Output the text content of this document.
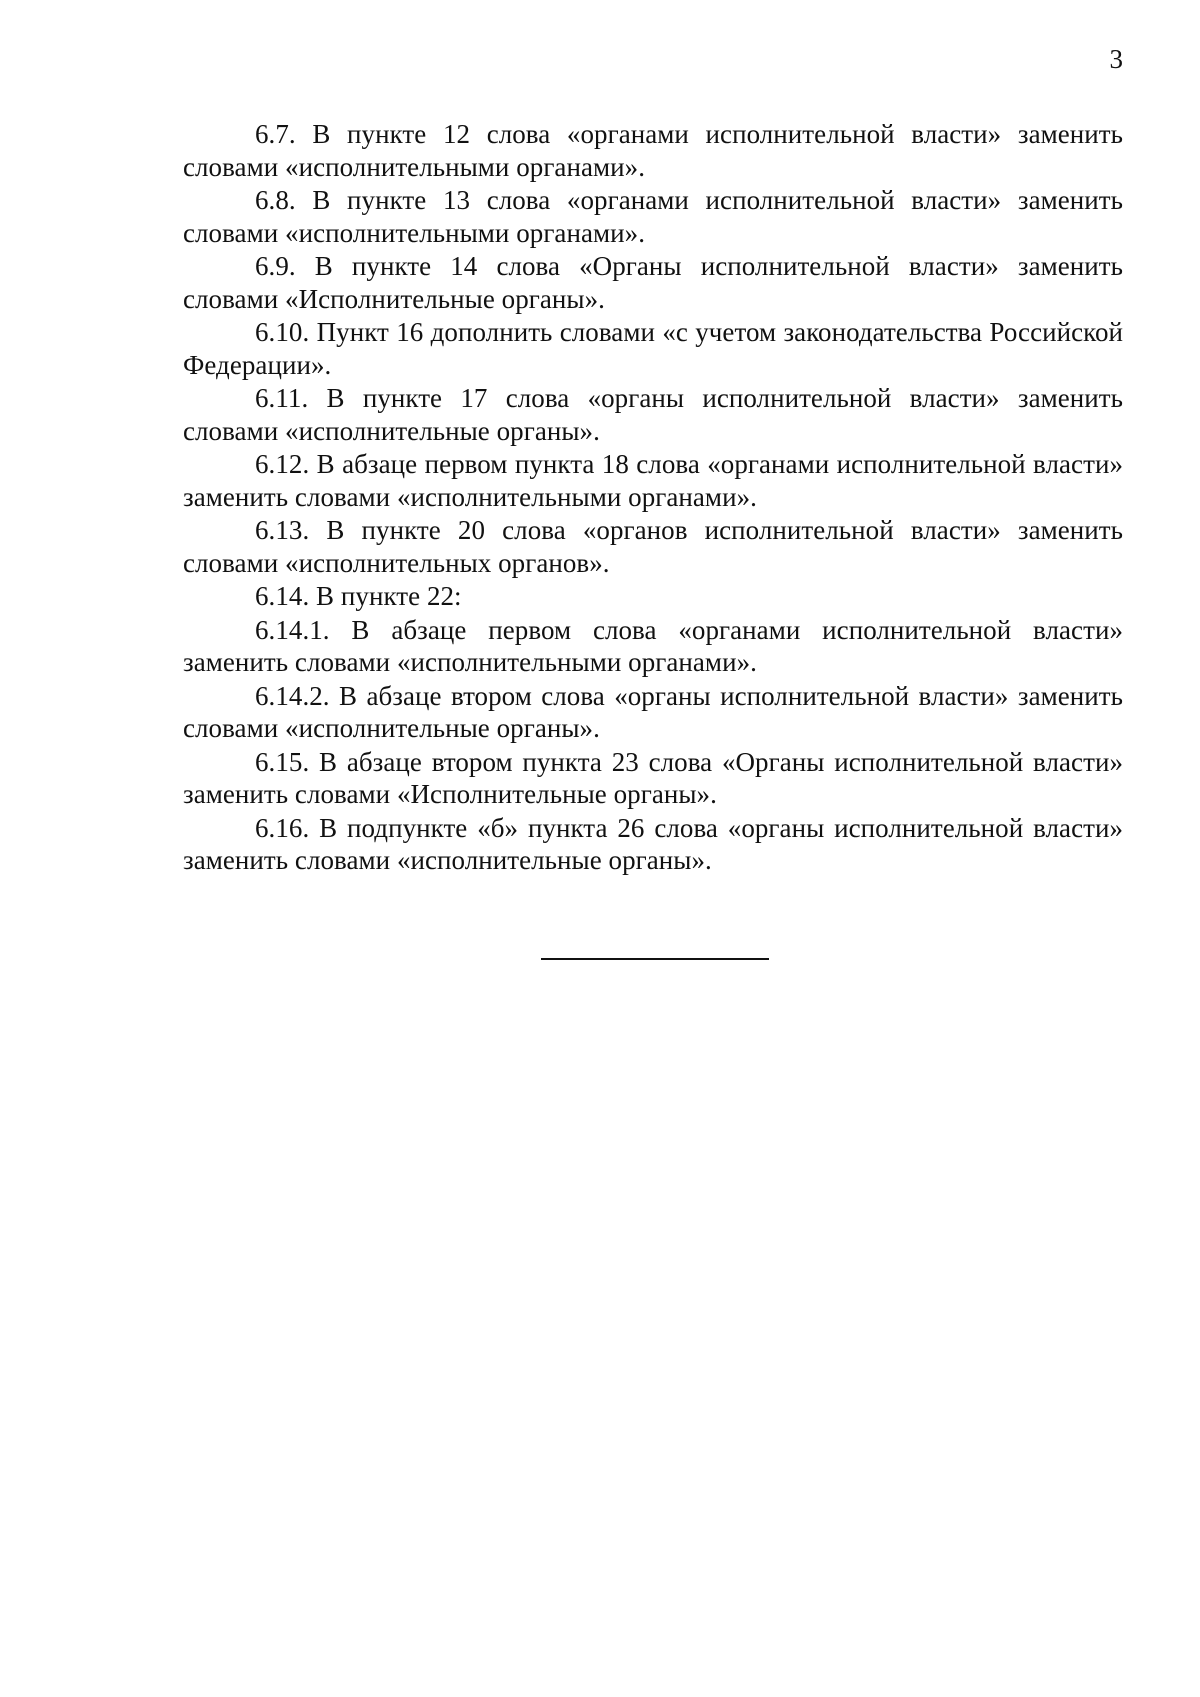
3

6.7. В пункте 12 слова «органами исполнительной власти» заменить словами «исполнительными органами».

6.8. В пункте 13 слова «органами исполнительной власти» заменить словами «исполнительными органами».

6.9. В пункте 14 слова «Органы исполнительной власти» заменить словами «Исполнительные органы».

6.10. Пункт 16 дополнить словами «с учетом законодательства Российской Федерации».

6.11. В пункте 17 слова «органы исполнительной власти» заменить словами «исполнительные органы».

6.12. В абзаце первом пункта 18 слова «органами исполнительной власти» заменить словами «исполнительными органами».

6.13. В пункте 20 слова «органов исполнительной власти» заменить словами «исполнительных органов».

6.14. В пункте 22:

6.14.1. В абзаце первом слова «органами исполнительной власти» заменить словами «исполнительными органами».

6.14.2. В абзаце втором слова «органы исполнительной власти» заменить словами «исполнительные органы».

6.15. В абзаце втором пункта 23 слова «Органы исполнительной власти» заменить словами «Исполнительные органы».

6.16. В подпункте «б» пункта 26 слова «органы исполнительной власти» заменить словами «исполнительные органы».
